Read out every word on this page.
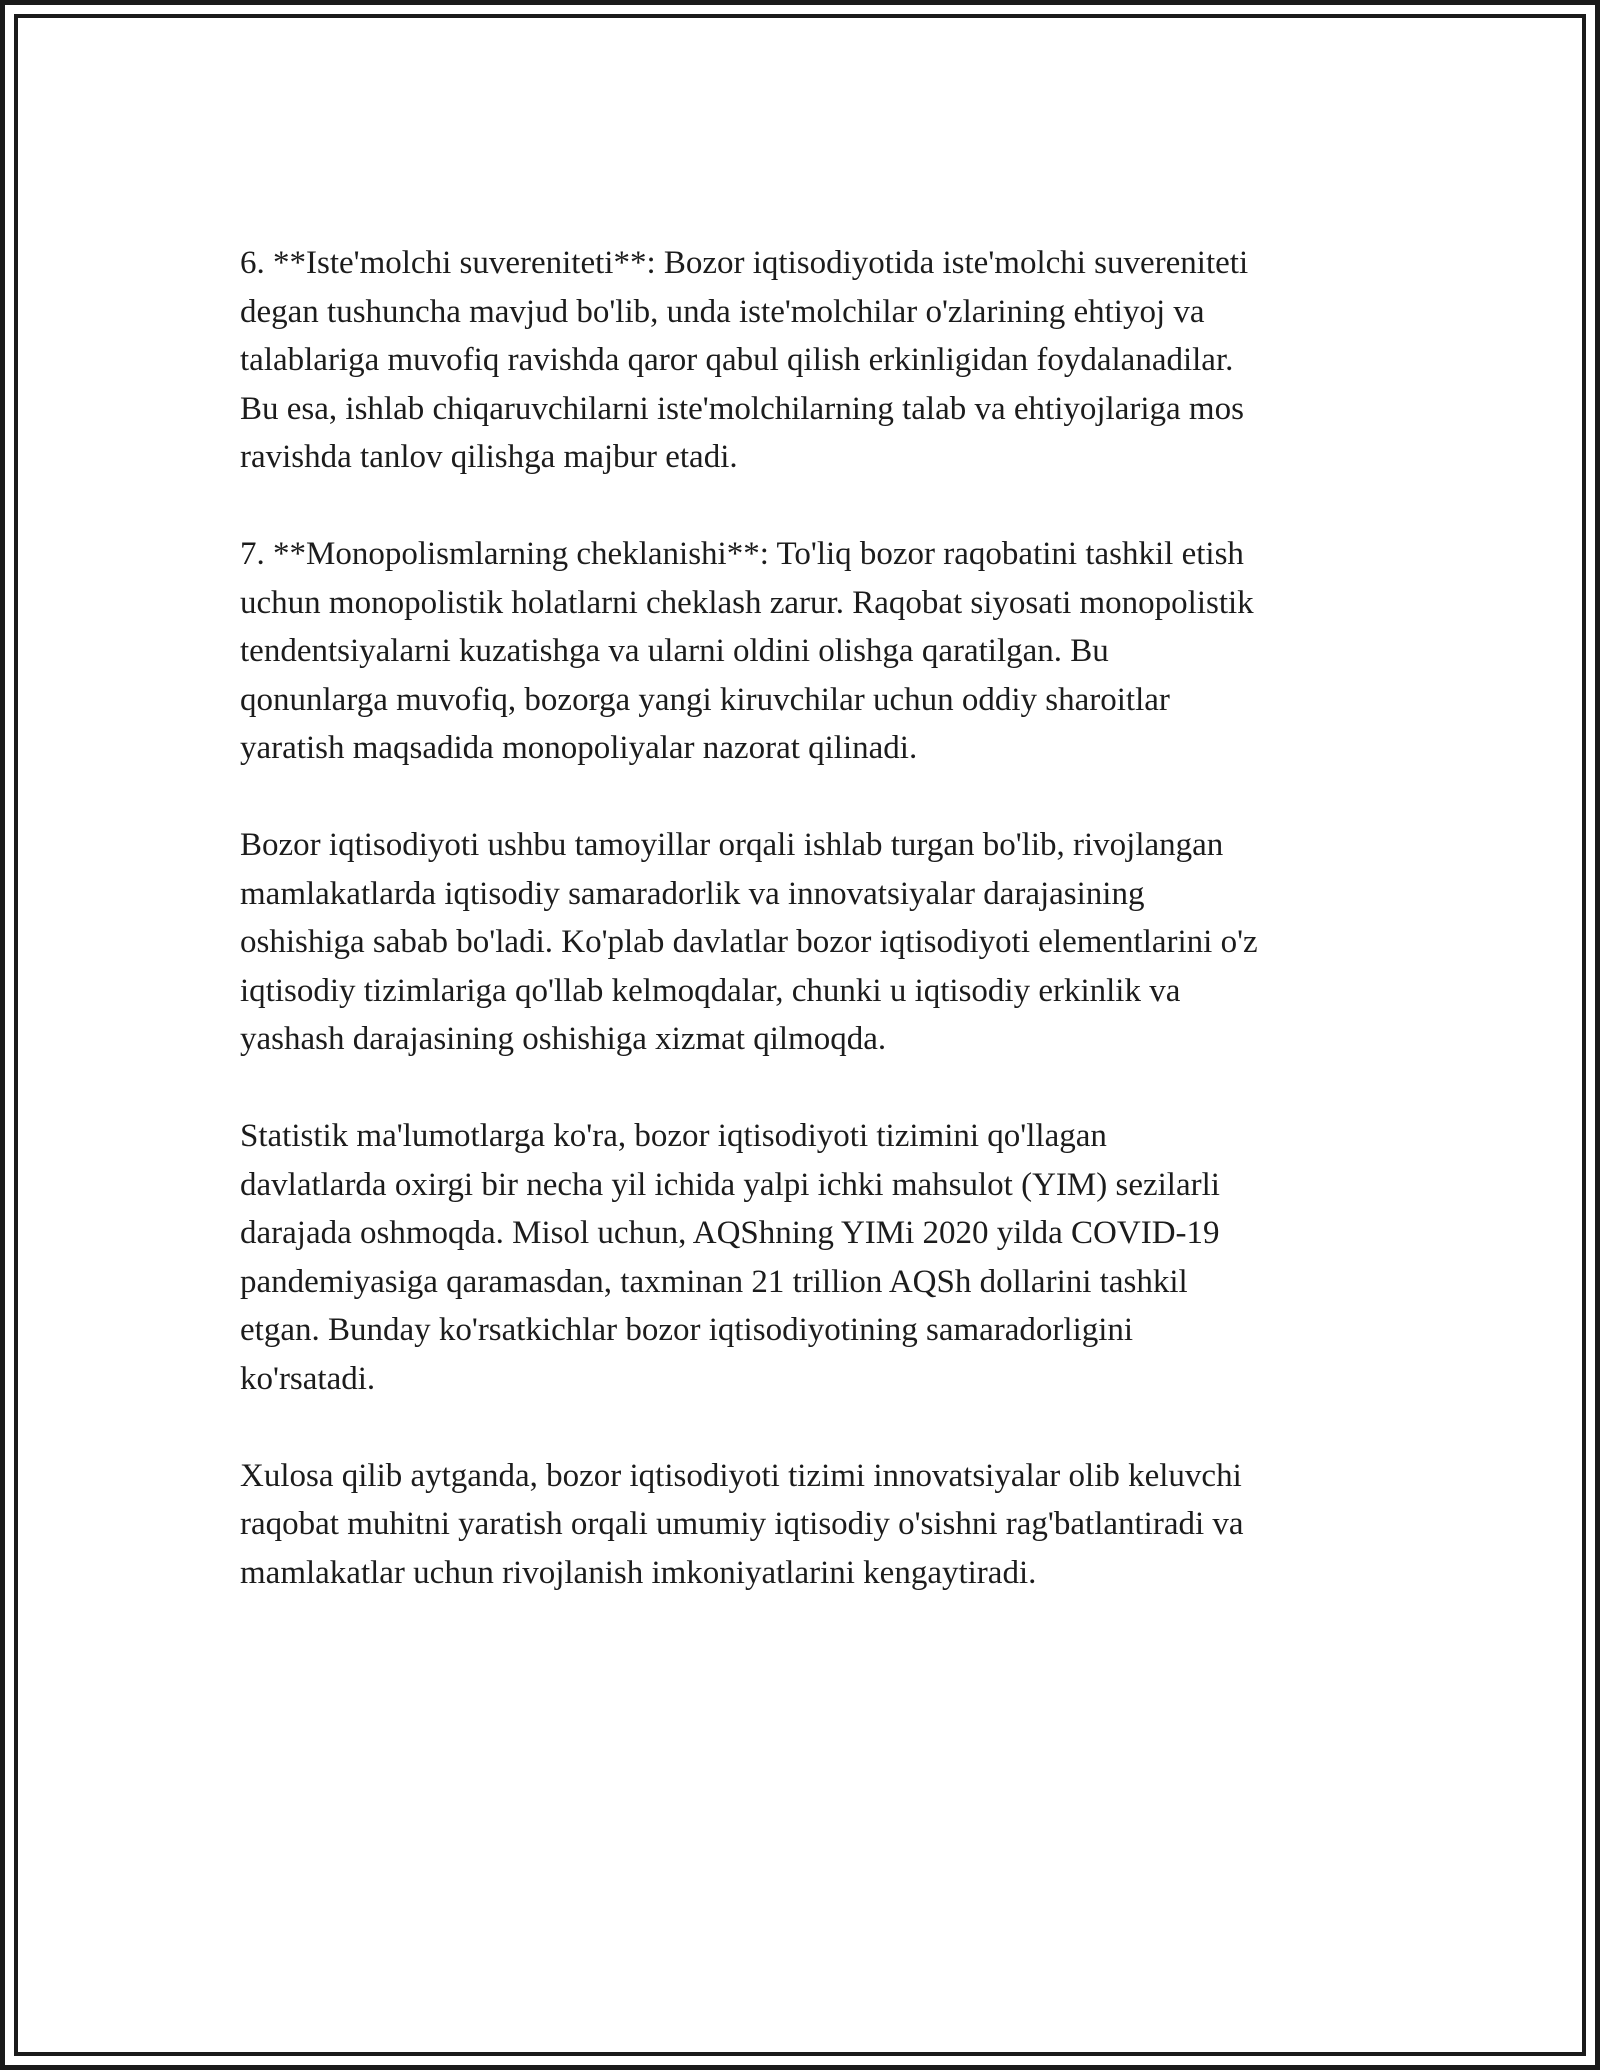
6. **Iste'molchi suvereniteti**: Bozor iqtisodiyotida iste'molchi suvereniteti
degan tushuncha mavjud bo'lib, unda iste'molchilar o'zlarining ehtiyoj va
talablariga muvofiq ravishda qaror qabul qilish erkinligidan foydalanadilar.
Bu esa, ishlab chiqaruvchilarni iste'molchilarning talab va ehtiyojlariga mos
ravishda tanlov qilishga majbur etadi.

7. **Monopolismlarning cheklanishi**: To'liq bozor raqobatini tashkil etish
uchun monopolistik holatlarni cheklash zarur. Raqobat siyosati monopolistik
tendentsiyalarni kuzatishga va ularni oldini olishga qaratilgan. Bu
qonunlarga muvofiq, bozorga yangi kiruvchilar uchun oddiy sharoitlar
yaratish maqsadida monopoliyalar nazorat qilinadi.

Bozor iqtisodiyoti ushbu tamoyillar orqali ishlab turgan bo'lib, rivojlangan
mamlakatlarda iqtisodiy samaradorlik va innovatsiyalar darajasining
oshishiga sabab bo'ladi. Ko'plab davlatlar bozor iqtisodiyoti elementlarini o'z
iqtisodiy tizimlariga qo'llab kelmoqdalar, chunki u iqtisodiy erkinlik va
yashash darajasining oshishiga xizmat qilmoqda.

Statistik ma'lumotlarga ko'ra, bozor iqtisodiyoti tizimini qo'llagan
davlatlarda oxirgi bir necha yil ichida yalpi ichki mahsulot (YIM) sezilarli
darajada oshmoqda. Misol uchun, AQShning YIMi 2020 yilda COVID-19
pandemiyasiga qaramasdan, taxminan 21 trillion AQSh dollarini tashkil
etgan. Bunday ko'rsatkichlar bozor iqtisodiyotining samaradorligini
ko'rsatadi.

Xulosa qilib aytganda, bozor iqtisodiyoti tizimi innovatsiyalar olib keluvchi
raqobat muhitni yaratish orqali umumiy iqtisodiy o'sishni rag'batlantiradi va
mamlakatlar uchun rivojlanish imkoniyatlarini kengaytiradi.
